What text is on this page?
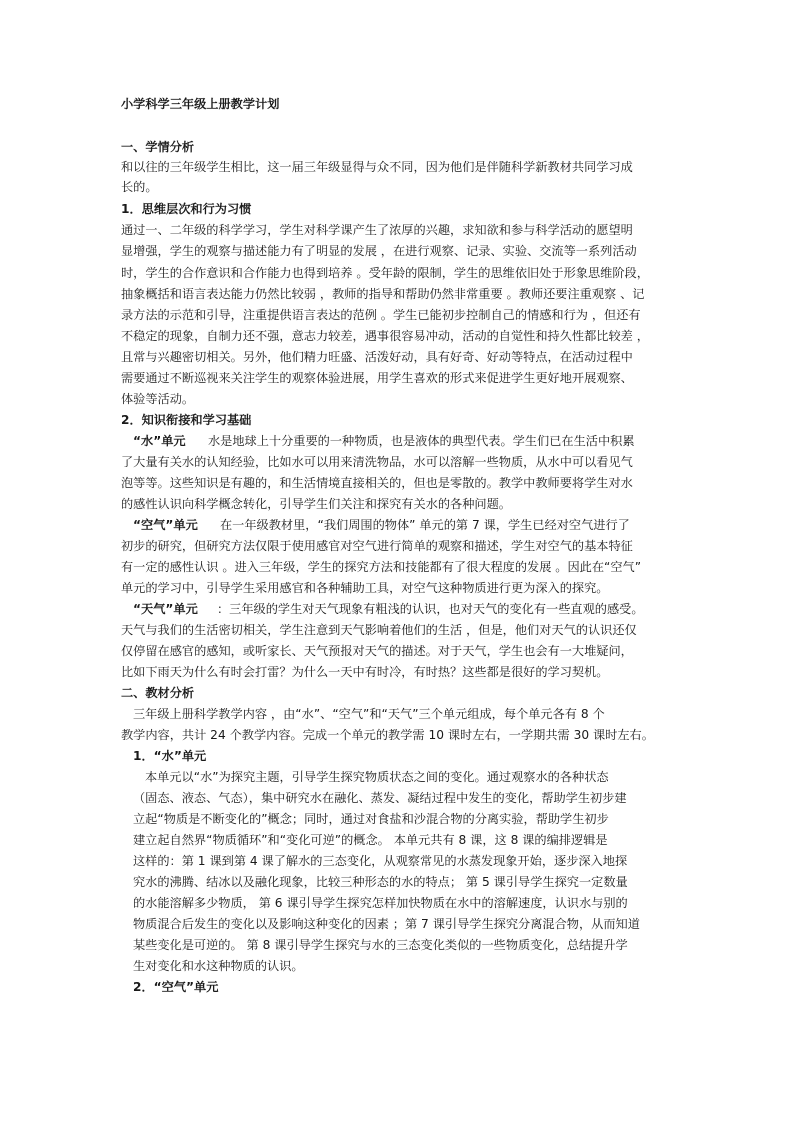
小学科学三年级上册教学计划
一、学情分析
和以往的三年级学生相比，这一届三年级显得与众不同，因为他们是伴随科学新教材共同学习成
长的。
1．思维层次和行为习惯
通过一、二年级的科学学习，学生对科学课产生了浓厚的兴趣，求知欲和参与科学活动的愿望明
显增强，学生的观察与描述能力有了明显的发展 ，在进行观察、记录、实验、交流等一系列活动
时，学生的合作意识和合作能力也得到培养 。受年龄的限制，学生的思维依旧处于形象思维阶段，
抽象概括和语言表达能力仍然比较弱 ，教师的指导和帮助仍然非常重要 。教师还要注重观察 、记
录方法的示范和引导，注重提供语言表达的范例 。学生已能初步控制自己的情感和行为 ，但还有
不稳定的现象，自制力还不强，意志力较差，遇事很容易冲动，活动的自觉性和持久性都比较差 ，
且常与兴趣密切相关。另外，他们精力旺盛、活泼好动，具有好奇、好动等特点，在活动过程中
需要通过不断巡视来关注学生的观察体验进展，用学生喜欢的形式来促进学生更好地开展观察、
体验等活动。
2．知识衔接和学习基础
“水”单元 水是地球上十分重要的一种物质，也是液体的典型代表。学生们已在生活中积累
了大量有关水的认知经验，比如水可以用来清洗物品，水可以溶解一些物质，从水中可以看见气
泡等等。这些知识是有趣的，和生活情境直接相关的，但也是零散的。教学中教师要将学生对水
的感性认识向科学概念转化，引导学生们关注和探究有关水的各种问题。
“空气”单元 在一年级教材里，“我们周围的物体” 单元的第 7 课，学生已经对空气进行了
初步的研究，但研究方法仅限于使用感官对空气进行简单的观察和描述，学生对空气的基本特征
有一定的感性认识 。进入三年级，学生的探究方法和技能都有了很大程度的发展 。因此在“空气”
单元的学习中，引导学生采用感官和各种辅助工具，对空气这种物质进行更为深入的探究。
“天气”单元 ：三年级的学生对天气现象有粗浅的认识，也对天气的变化有一些直观的感受。
天气与我们的生活密切相关，学生注意到天气影响着他们的生活 ，但是，他们对天气的认识还仅
仅停留在感官的感知，或听家长、天气预报对天气的描述。对于天气，学生也会有一大堆疑问，
比如下雨天为什么有时会打雷？为什么一天中有时冷，有时热？这些都是很好的学习契机。
二、教材分析
三年级上册科学教学内容 ，由“水”、“空气”和“天气”三个单元组成，每个单元各有 8 个
教学内容，共计 24 个教学内容。完成一个单元的教学需 10 课时左右，一学期共需 30 课时左右。
1．“水”单元
本单元以“水”为探究主题，引导学生探究物质状态之间的变化。通过观察水的各种状态
（固态、液态、气态），集中研究水在融化、蒸发、凝结过程中发生的变化，帮助学生初步建
立起“物质是不断变化的”概念；同时，通过对食盐和沙混合物的分离实验，帮助学生初步
建立起自然界“物质循环”和“变化可逆”的概念。 本单元共有 8 课，这 8 课的编排逻辑是
这样的：第 1 课到第 4 课了解水的三态变化，从观察常见的水蒸发现象开始，逐步深入地探
究水的沸腾、结冰以及融化现象，比较三种形态的水的特点； 第 5 课引导学生探究一定数量
的水能溶解多少物质， 第 6 课引导学生探究怎样加快物质在水中的溶解速度，认识水与别的
物质混合后发生的变化以及影响这种变化的因素 ；第 7 课引导学生探究分离混合物，从而知道
某些变化是可逆的。 第 8 课引导学生探究与水的三态变化类似的一些物质变化，总结提升学
生对变化和水这种物质的认识。
2．“空气”单元
